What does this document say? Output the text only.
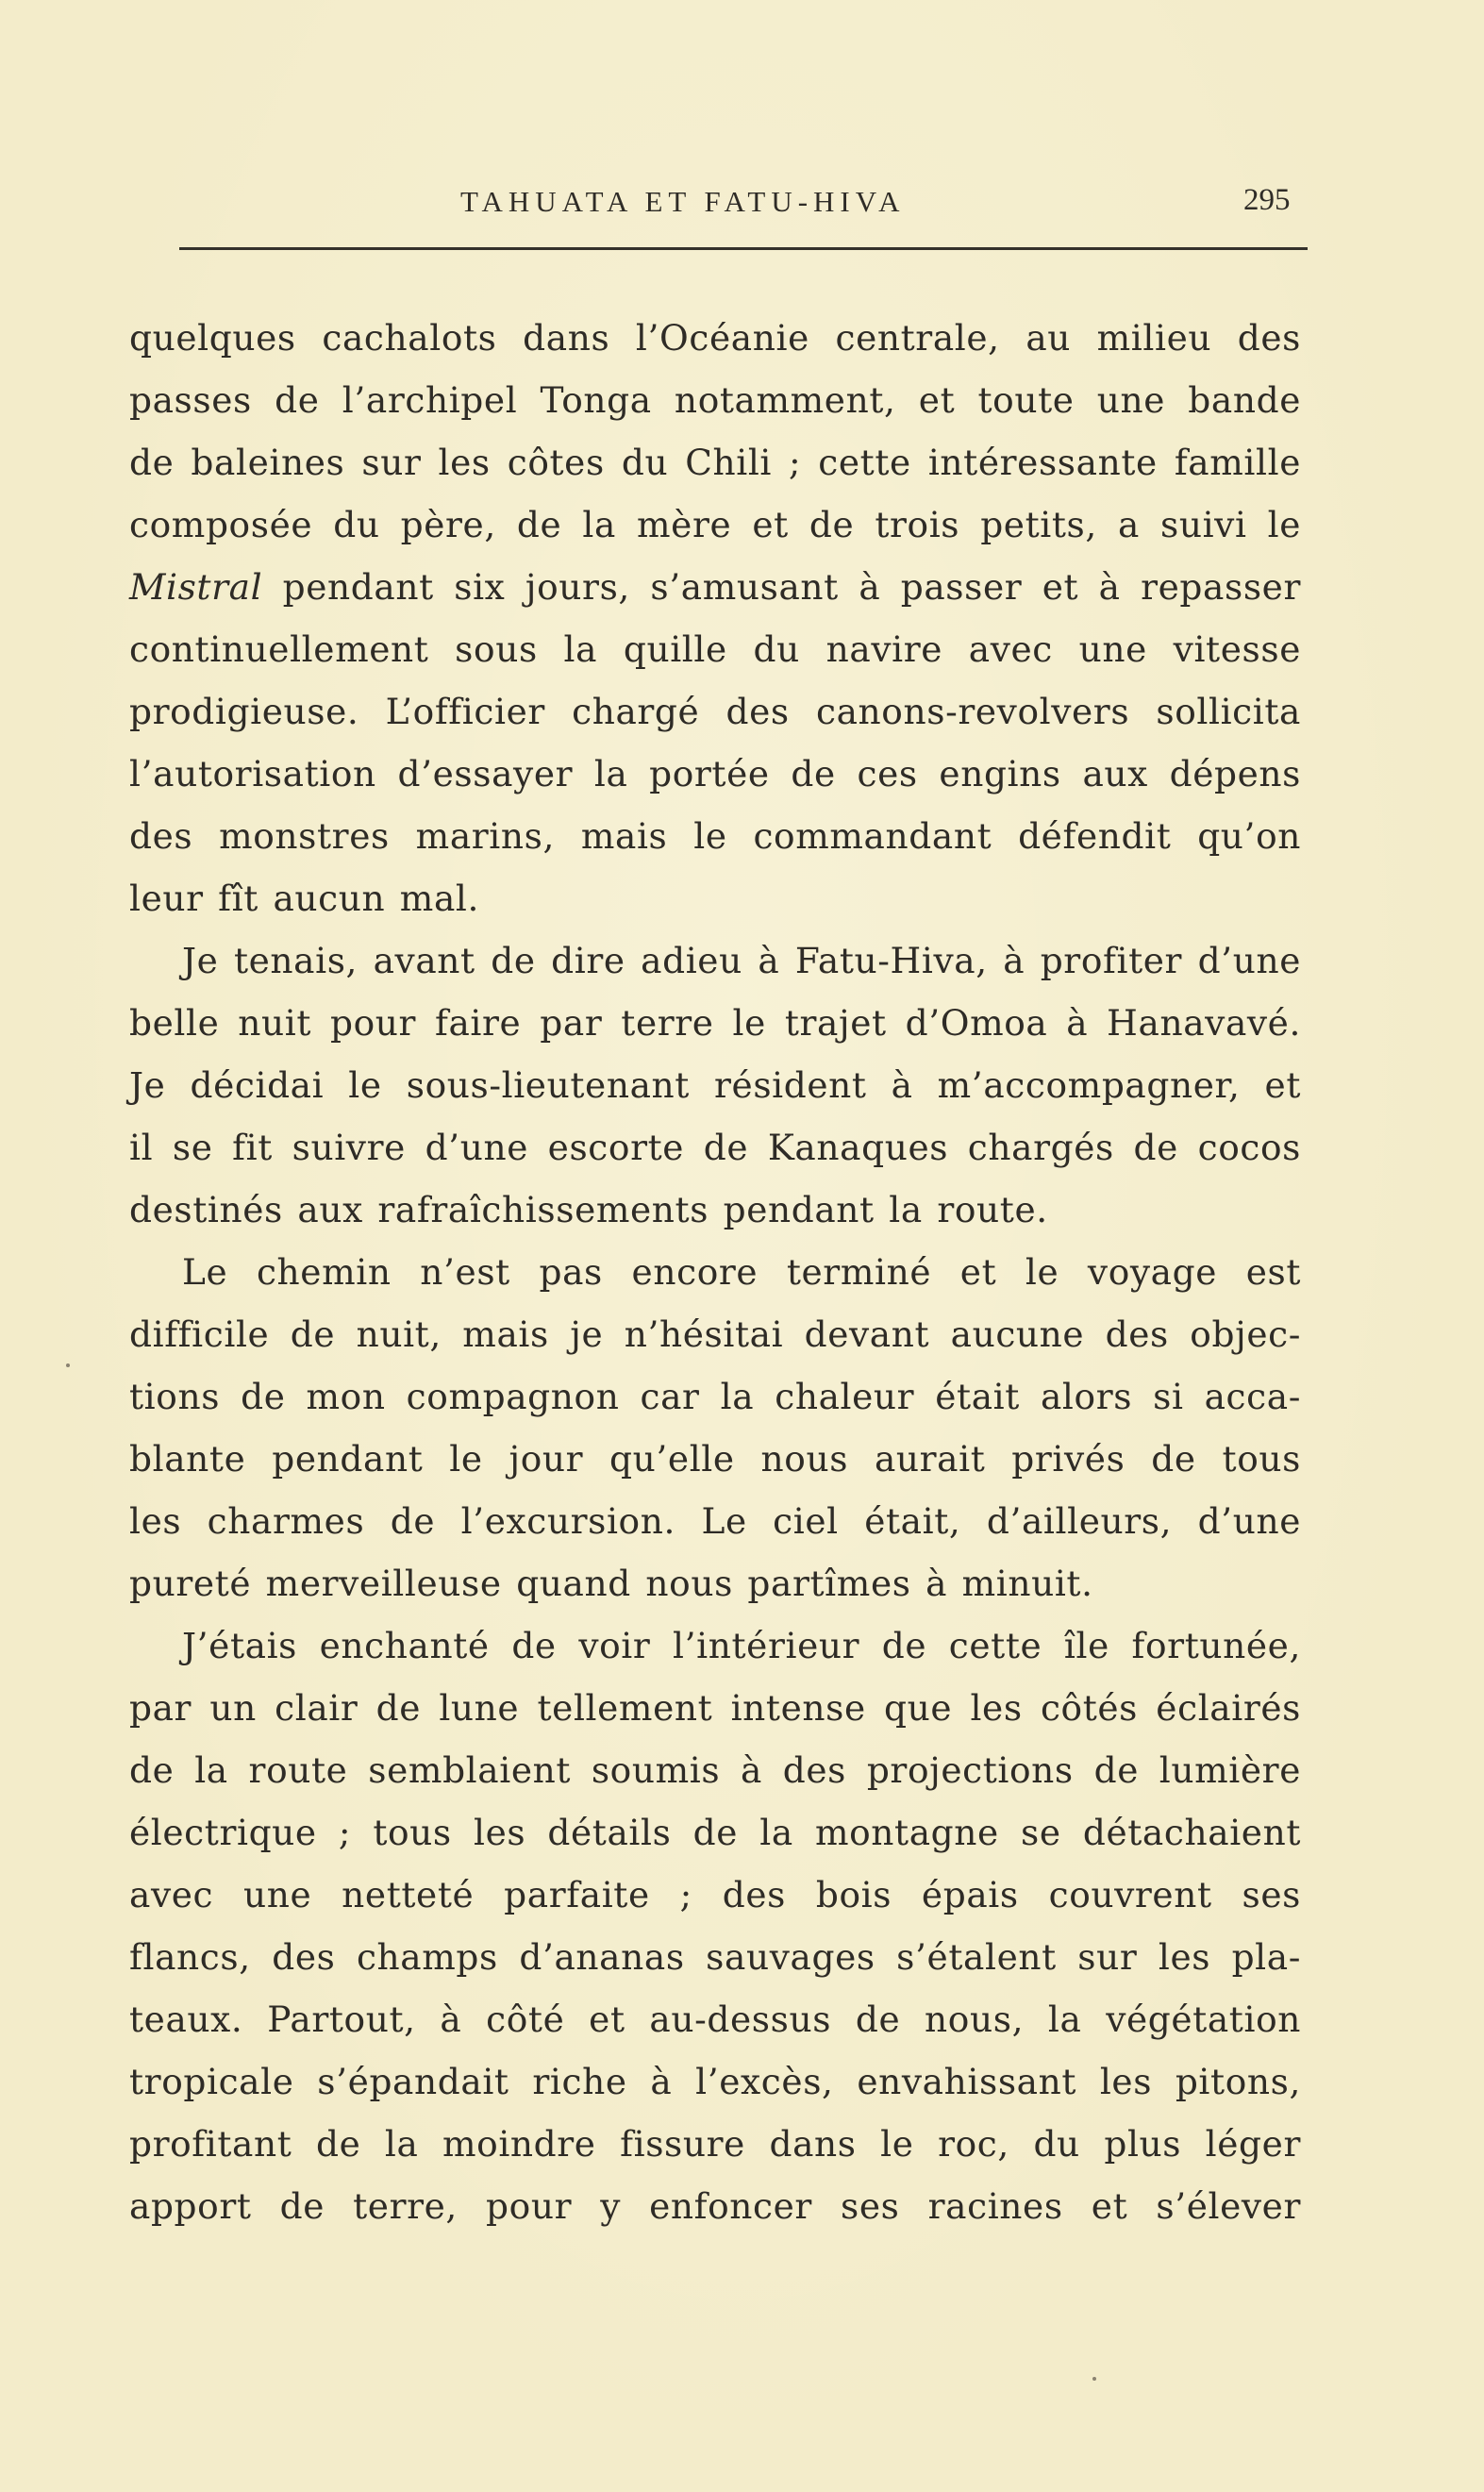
TAHUATA ET FATU-HIVA	295
quelques cachalots dans l’Océanie centrale, au milieu des
passes de l’archipel Tonga notamment, et toute une bande
de baleines sur les côtes du Chili ; cette intéressante famille
composée du père, de la mère et de trois petits, a suivi le
Mistral pendant six jours, s’amusant à passer et à repasser
continuellement sous la quille du navire avec une vitesse
prodigieuse. L’officier chargé des canons-revolvers sollicita
l’autorisation d’essayer la portée de ces engins aux dépens
des monstres marins, mais le commandant défendit qu’on
leur fît aucun mal.
Je tenais, avant de dire adieu à Fatu-Hiva, à profiter d’une
belle nuit pour faire par terre le trajet d’Omoa à Hanavavé.
Je décidai le sous-lieutenant résident à m’accompagner, et
il se fit suivre d’une escorte de Kanaques chargés de cocos
destinés aux rafraîchissements pendant la route.
Le chemin n’est pas encore terminé et le voyage est
difficile de nuit, mais je n’hésitai devant aucune des objec-
tions de mon compagnon car la chaleur était alors si acca-
blante pendant le jour qu’elle nous aurait privés de tous
les charmes de l’excursion. Le ciel était, d’ailleurs, d’une
pureté merveilleuse quand nous partîmes à minuit.
J’étais enchanté de voir l’intérieur de cette île fortunée,
par un clair de lune tellement intense que les côtés éclairés
de la route semblaient soumis à des projections de lumière
électrique ; tous les détails de la montagne se détachaient
avec une netteté parfaite ; des bois épais couvrent ses
flancs, des champs d’ananas sauvages s’étalent sur les pla-
teaux. Partout, à côté et au-dessus de nous, la végétation
tropicale s’épandait riche à l’excès, envahissant les pitons,
profitant de la moindre fissure dans le roc, du plus léger
apport de terre, pour y enfoncer ses racines et s’élever
